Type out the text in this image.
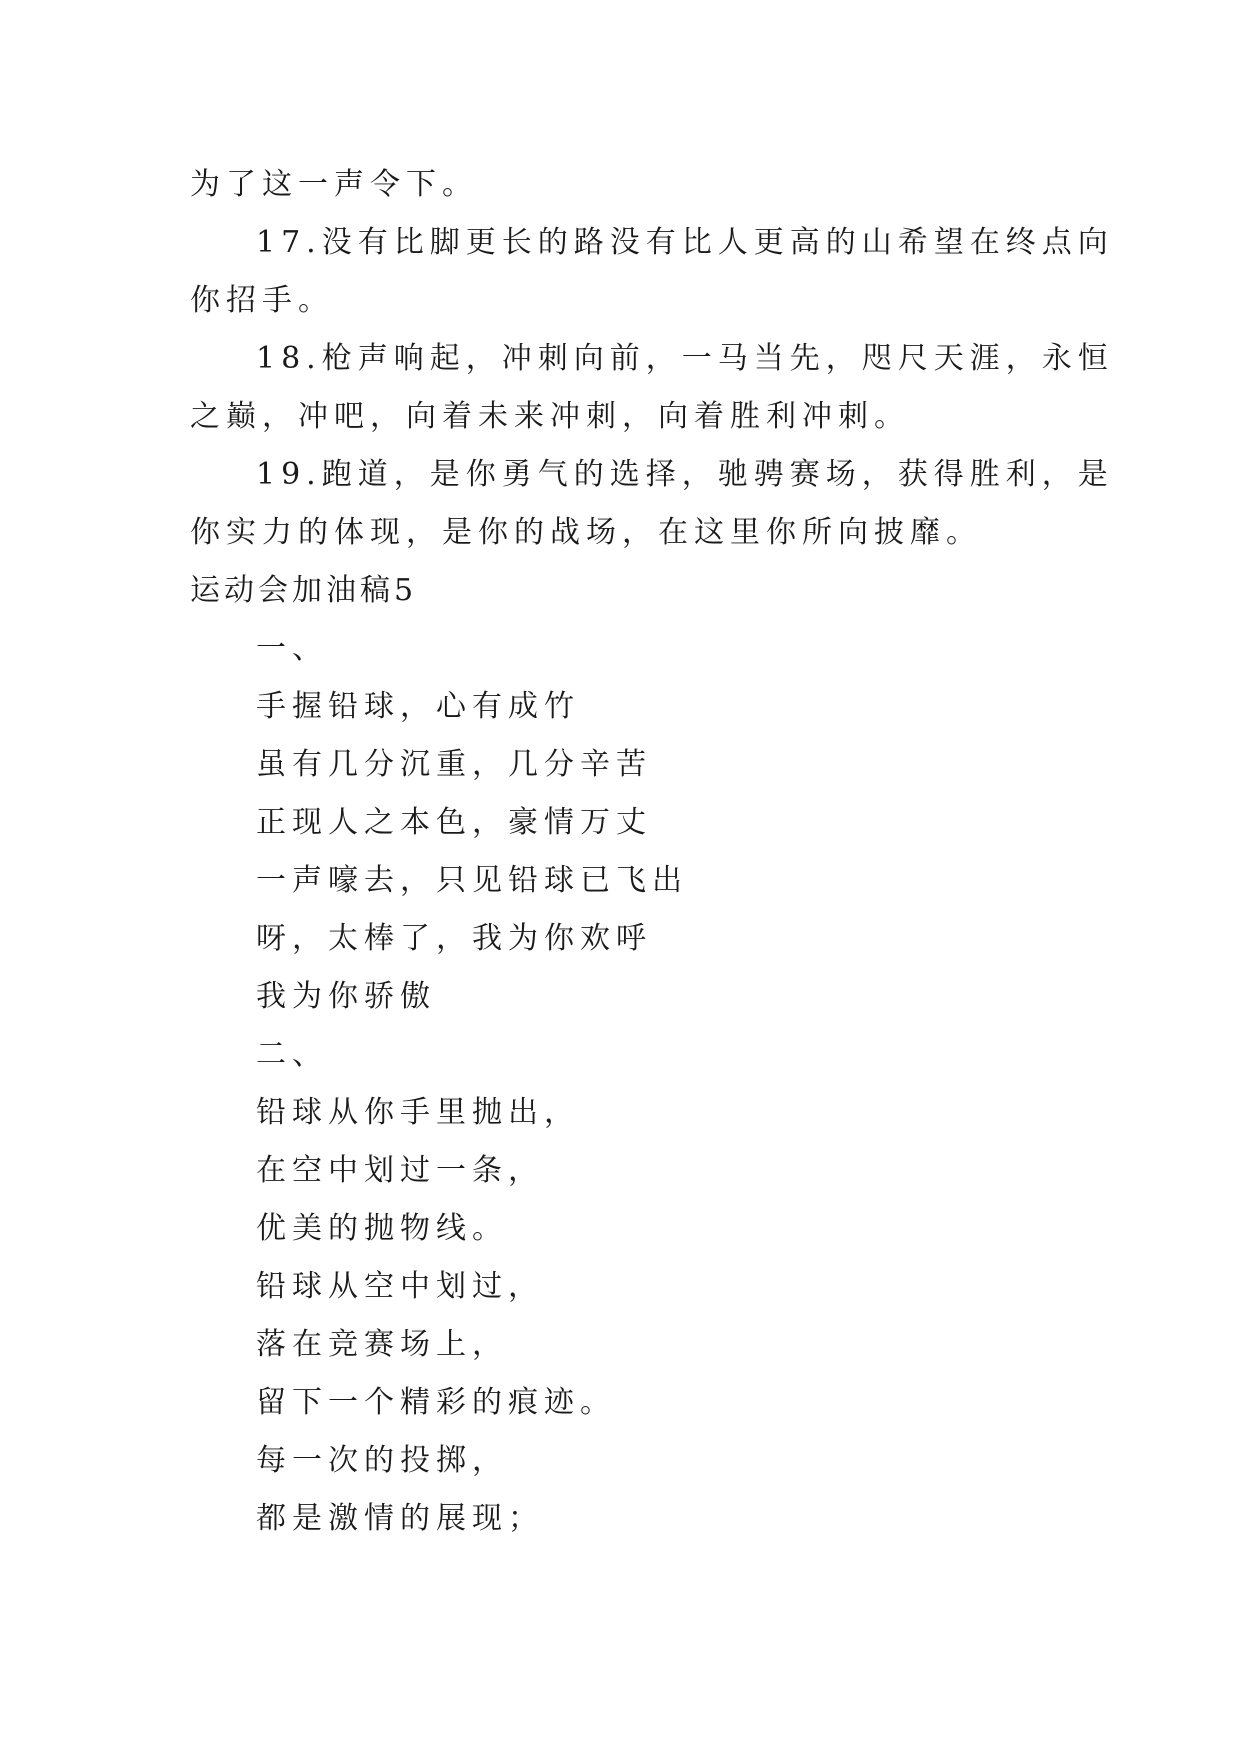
为了这一声令下。
17.没有比脚更长的路没有比人更高的山希望在终点向
你招手。
18.枪声响起，冲刺向前，一马当先，咫尺天涯，永恒
之巅，冲吧，向着未来冲刺，向着胜利冲刺。
19.跑道，是你勇气的选择，驰骋赛场，获得胜利，是
你实力的体现，是你的战场，在这里你所向披靡。
运动会加油稿5
一、
手握铅球，心有成竹
虽有几分沉重，几分辛苦
正现人之本色，豪情万丈
一声嚎去，只见铅球已飞出
呀，太棒了，我为你欢呼
我为你骄傲
二、
铅球从你手里抛出，
在空中划过一条，
优美的抛物线。
铅球从空中划过，
落在竞赛场上，
留下一个精彩的痕迹。
每一次的投掷，
都是激情的展现；
